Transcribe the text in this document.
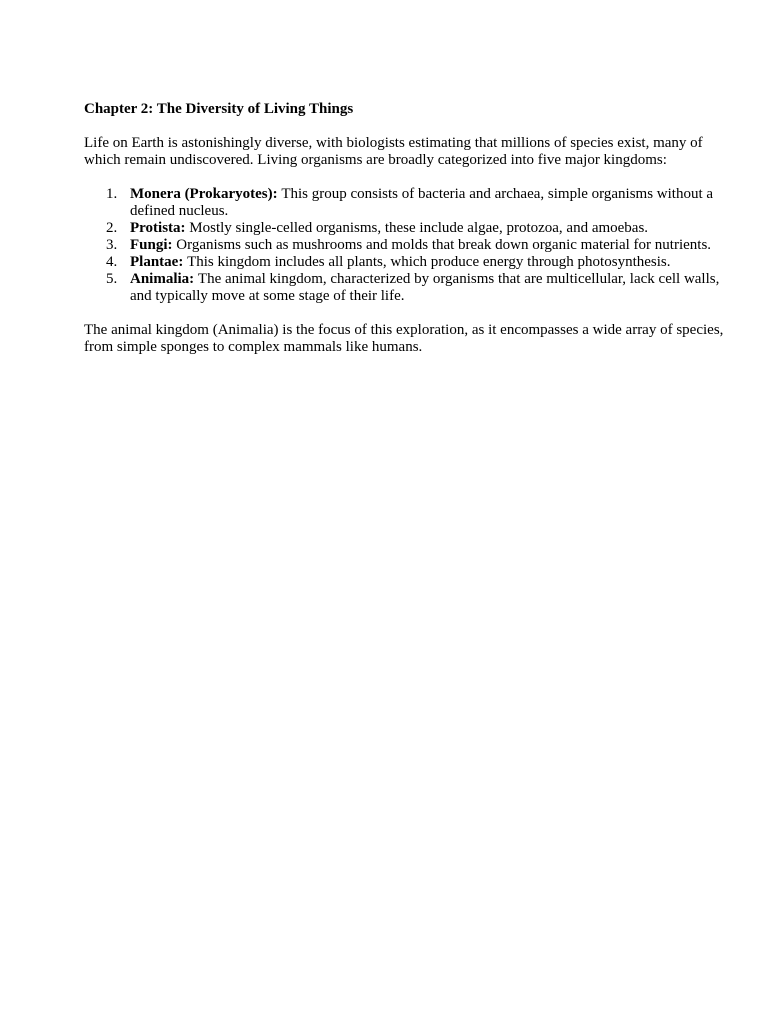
Chapter 2: The Diversity of Living Things

Life on Earth is astonishingly diverse, with biologists estimating that millions of species exist, many of which remain undiscovered. Living organisms are broadly categorized into five major kingdoms:

1. Monera (Prokaryotes): This group consists of bacteria and archaea, simple organisms without a defined nucleus.
2. Protista: Mostly single-celled organisms, these include algae, protozoa, and amoebas.
3. Fungi: Organisms such as mushrooms and molds that break down organic material for nutrients.
4. Plantae: This kingdom includes all plants, which produce energy through photosynthesis.
5. Animalia: The animal kingdom, characterized by organisms that are multicellular, lack cell walls, and typically move at some stage of their life.

The animal kingdom (Animalia) is the focus of this exploration, as it encompasses a wide array of species, from simple sponges to complex mammals like humans.
